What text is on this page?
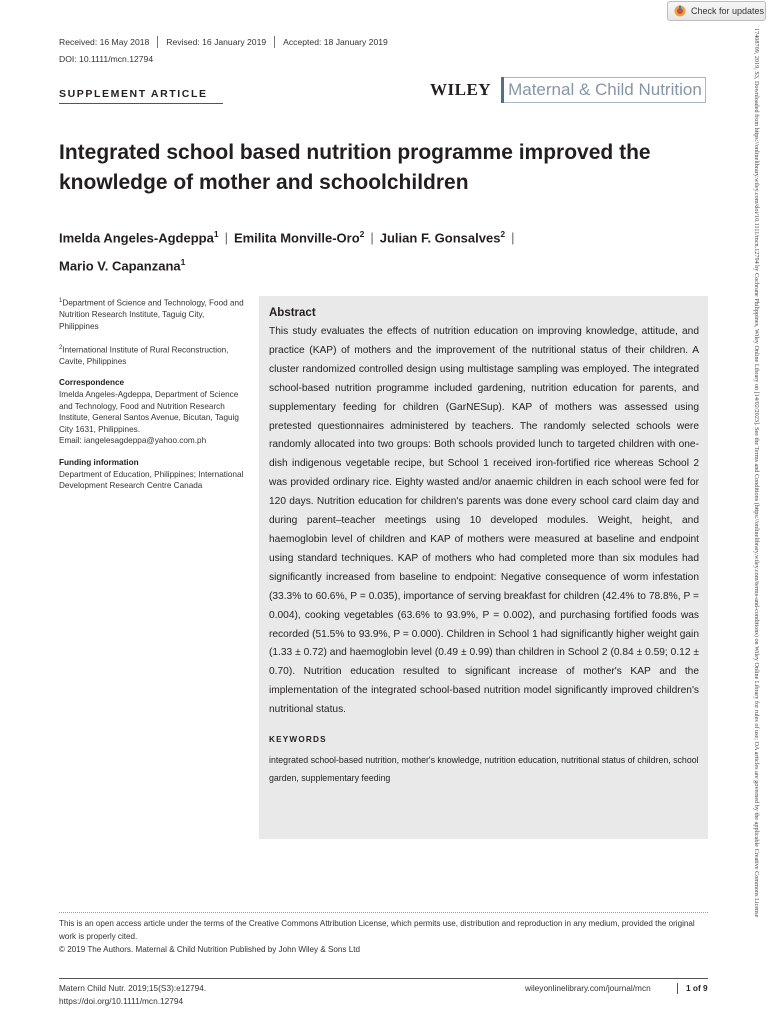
Check for updates
17408709, 2019, S3, Downloaded from https://onlinelibrary.wiley.com/doi/10.1111/mcn.12794 by Cochrane Philippines, Wiley Online Library on [14/02/2023]. See the Terms and Conditions (https://onlinelibrary.wiley.com/terms-and-conditions) on Wiley Online Library for rules of use; OA articles are governed by the applicable Creative Commons License
Received: 16 May 2018	Revised: 16 January 2019	Accepted: 18 January 2019
DOI: 10.1111/mcn.12794
SUPPLEMENT ARTICLE	WILEY Maternal & Child Nutrition
Integrated school based nutrition programme improved the knowledge of mother and schoolchildren
Imelda Angeles-Agdeppa$^1$ | Emilita Monville-Oro$^2$ | Julian F. Gonsalves$^2$ |
Mario V. Capanzana$^1$
$^1$Department of Science and Technology, Food and Nutrition Research Institute, Taguig City, Philippines
$^2$International Institute of Rural Reconstruction, Cavite, Philippines
Correspondence
Imelda Angeles-Agdeppa, Department of Science and Technology, Food and Nutrition Research Institute, General Santos Avenue, Bicutan, Taguig City 1631, Philippines.
Email: iangelesagdeppa@yahoo.com.ph
Funding information
Department of Education, Philippines; International Development Research Centre Canada
Abstract

This study evaluates the effects of nutrition education on improving knowledge, attitude, and practice (KAP) of mothers and the improvement of the nutritional status of their children. A cluster randomized controlled design using multistage sampling was employed. The integrated school-based nutrition programme included gardening, nutrition education for parents, and supplementary feeding for children (GarNESup). KAP of mothers was assessed using pretested questionnaires administered by teachers. The randomly selected schools were randomly allocated into two groups: Both schools provided lunch to targeted children with one-dish indigenous vegetable recipe, but School 1 received iron-fortified rice whereas School 2 was provided ordinary rice. Eighty wasted and/or anaemic children in each school were fed for 120 days. Nutrition education for children's parents was done every school card claim day and during parent–teacher meetings using 10 developed modules. Weight, height, and haemoglobin level of children and KAP of mothers were measured at baseline and endpoint using standard techniques. KAP of mothers who had completed more than six modules had significantly increased from baseline to endpoint: Negative consequence of worm infestation (33.3% to 60.6%, P = 0.035), importance of serving breakfast for children (42.4% to 78.8%, P = 0.004), cooking vegetables (63.6% to 93.9%, P = 0.002), and purchasing fortified foods was recorded (51.5% to 93.9%, P = 0.000). Children in School 1 had significantly higher weight gain (1.33 ± 0.72) and haemoglobin level (0.49 ± 0.99) than children in School 2 (0.84 ± 0.59; 0.12 ± 0.70). Nutrition education resulted to significant increase of mother's KAP and the implementation of the integrated school-based nutrition model significantly improved children's nutritional status.

KEYWORDS

integrated school-based nutrition, mother's knowledge, nutrition education, nutritional status of children, school garden, supplementary feeding

This is an open access article under the terms of the Creative Commons Attribution License, which permits use, distribution and reproduction in any medium, provided the original work is properly cited.
© 2019 The Authors. Maternal & Child Nutrition Published by John Wiley & Sons Ltd
Matern Child Nutr. 2019;15(S3):e12794.
https://doi.org/10.1111/mcn.12794
wileyonlinelibrary.com/journal/mcn	1 of 9
